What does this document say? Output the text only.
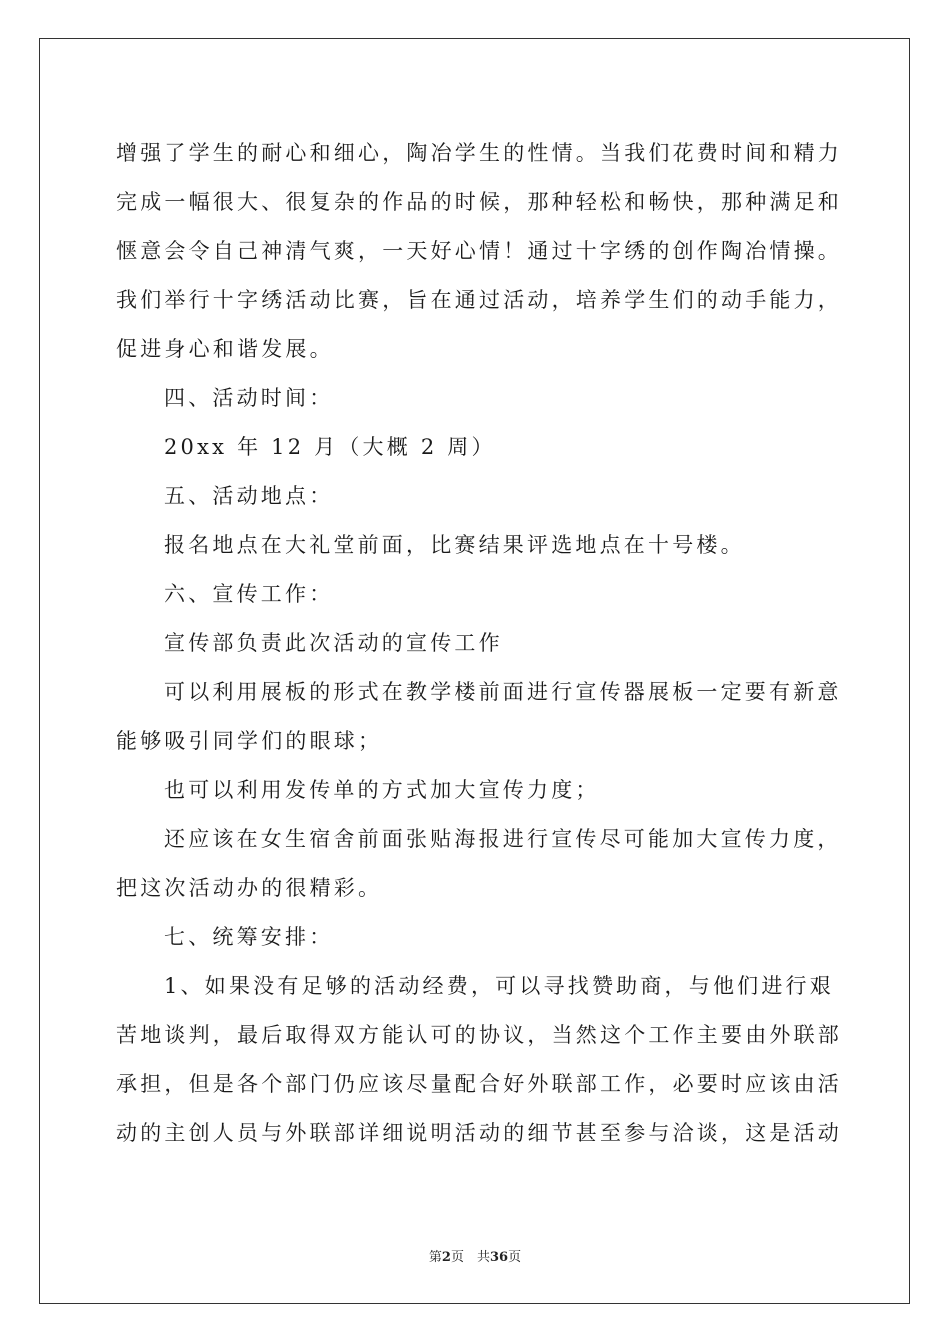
增强了学生的耐心和细心，陶冶学生的性情。当我们花费时间和精力
完成一幅很大、很复杂的作品的时候，那种轻松和畅快，那种满足和
惬意会令自己神清气爽，一天好心情！通过十字绣的创作陶冶情操。
我们举行十字绣活动比赛，旨在通过活动，培养学生们的动手能力，
促进身心和谐发展。
四、活动时间：
20xx 年 12 月（大概 2 周）
五、活动地点：
报名地点在大礼堂前面，比赛结果评选地点在十号楼。
六、宣传工作：
宣传部负责此次活动的宣传工作
可以利用展板的形式在教学楼前面进行宣传器展板一定要有新意
能够吸引同学们的眼球；
也可以利用发传单的方式加大宣传力度；
还应该在女生宿舍前面张贴海报进行宣传尽可能加大宣传力度，
把这次活动办的很精彩。
七、统筹安排：
1、如果没有足够的活动经费，可以寻找赞助商，与他们进行艰
苦地谈判，最后取得双方能认可的协议，当然这个工作主要由外联部
承担，但是各个部门仍应该尽量配合好外联部工作，必要时应该由活
动的主创人员与外联部详细说明活动的细节甚至参与洽谈，这是活动
第2页　共36页
